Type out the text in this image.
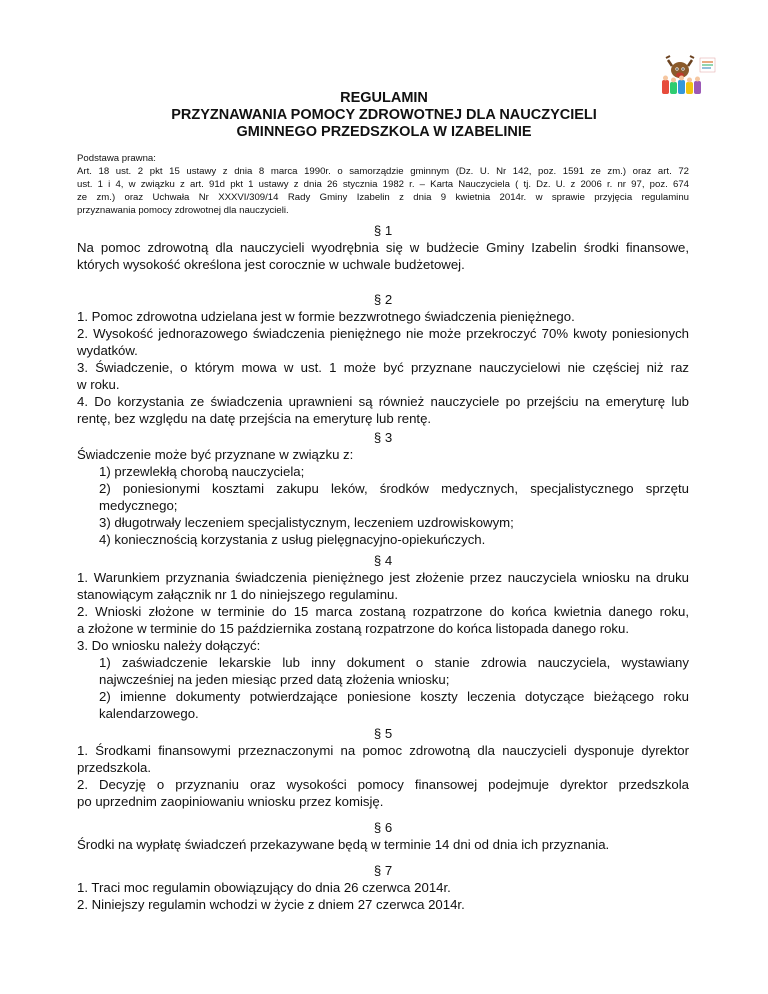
REGULAMIN
PRZYZNAWANIA POMOCY ZDROWOTNEJ DLA NAUCZYCIELI
GMINNEGO PRZEDSZKOLA W IZABELINIE
Podstawa prawna:
Art. 18 ust. 2 pkt 15 ustawy z dnia 8 marca 1990r. o samorządzie gminnym (Dz. U. Nr 142, poz. 1591 ze zm.) oraz art. 72
ust. 1 i 4, w związku z art. 91d pkt 1 ustawy z dnia 26 stycznia 1982 r. – Karta Nauczyciela ( tj. Dz. U. z 2006 r. nr 97, poz. 674
ze zm.) oraz Uchwała Nr XXXVI/309/14 Rady Gminy Izabelin z dnia 9 kwietnia 2014r. w sprawie przyjęcia regulaminu
przyznawania pomocy zdrowotnej dla nauczycieli.
§ 1
Na pomoc zdrowotną dla nauczycieli wyodrębnia się w budżecie Gminy Izabelin środki finansowe,
których wysokość określona jest corocznie w uchwale budżetowej.
§ 2
1. Pomoc zdrowotna udzielana jest w formie bezzwrotnego świadczenia pieniężnego.
2. Wysokość jednorazowego świadczenia pieniężnego nie może przekroczyć 70% kwoty poniesionych
wydatków.
3. Świadczenie, o którym mowa w ust. 1 może być przyznane nauczycielowi nie częściej niż raz
w roku.
4. Do korzystania ze świadczenia uprawnieni są również nauczyciele po przejściu na emeryturę lub
rentę, bez względu na datę przejścia na emeryturę lub rentę.
§ 3
Świadczenie może być przyznane w związku z:
1) przewlekłą chorobą nauczyciela;
2) poniesionymi kosztami zakupu leków, środków medycznych, specjalistycznego sprzętu
medycznego;
3) długotrwały leczeniem specjalistycznym, leczeniem uzdrowiskowym;
4) koniecznością korzystania z usług pielęgnacyjno-opiekuńczych.
§ 4
1. Warunkiem przyznania świadczenia pieniężnego jest złożenie przez nauczyciela wniosku na druku
stanowiącym załącznik nr 1 do niniejszego regulaminu.
2. Wnioski złożone w terminie do 15 marca zostaną rozpatrzone do końca kwietnia danego roku,
a złożone w terminie do 15 października zostaną rozpatrzone do końca listopada danego roku.
3. Do wniosku należy dołączyć:
1) zaświadczenie lekarskie lub inny dokument o stanie zdrowia nauczyciela, wystawiany
najwcześniej na jeden miesiąc przed datą złożenia wniosku;
2) imienne dokumenty potwierdzające poniesione koszty leczenia dotyczące bieżącego roku
kalendarzowego.
§ 5
1. Środkami finansowymi przeznaczonymi na pomoc zdrowotną dla nauczycieli dysponuje dyrektor
przedszkola.
2. Decyzję o przyznaniu oraz wysokości pomocy finansowej podejmuje dyrektor przedszkola
po uprzednim zaopiniowaniu wniosku przez komisję.
§ 6
Środki na wypłatę świadczeń przekazywane będą w terminie 14 dni od dnia ich przyznania.
§ 7
1. Traci moc regulamin obowiązujący do dnia 26 czerwca 2014r.
2. Niniejszy regulamin wchodzi w życie z dniem 27 czerwca 2014r.
